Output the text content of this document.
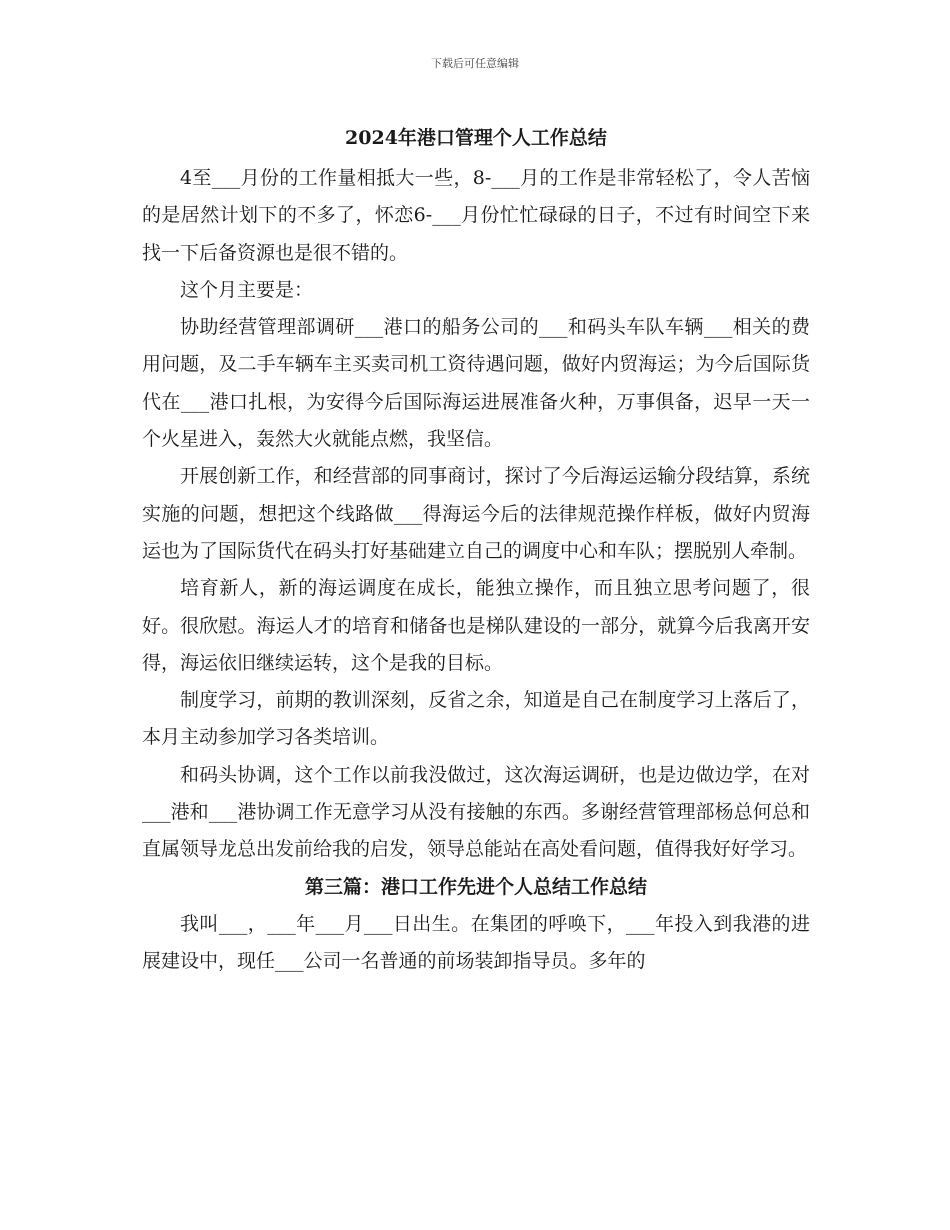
下载后可任意编辑
2024年港口管理个人工作总结

4至___月份的工作量相抵大一些，8-___月的工作是非常轻松了，令人苦恼的是居然计划下的不多了，怀恋6-___月份忙忙碌碌的日子，不过有时间空下来找一下后备资源也是很不错的。

这个月主要是：

协助经营管理部调研___港口的船务公司的___和码头车队车辆___相关的费用问题，及二手车辆车主买卖司机工资待遇问题，做好内贸海运；为今后国际货代在___港口扎根，为安得今后国际海运进展准备火种，万事俱备，迟早一天一个火星进入，轰然大火就能点燃，我坚信。

开展创新工作，和经营部的同事商讨，探讨了今后海运运输分段结算，系统实施的问题，想把这个线路做___得海运今后的法律规范操作样板，做好内贸海运也为了国际货代在码头打好基础建立自己的调度中心和车队；摆脱别人牵制。

培育新人，新的海运调度在成长，能独立操作，而且独立思考问题了，很好。很欣慰。海运人才的培育和储备也是梯队建设的一部分，就算今后我离开安得，海运依旧继续运转，这个是我的目标。

制度学习，前期的教训深刻，反省之余，知道是自己在制度学习上落后了，本月主动参加学习各类培训。

和码头协调，这个工作以前我没做过，这次海运调研，也是边做边学，在对___港和___港协调工作无意学习从没有接触的东西。多谢经营管理部杨总何总和直属领导龙总出发前给我的启发，领导总能站在高处看问题，值得我好好学习。

第三篇：港口工作先进个人总结工作总结

我叫___，___年___月___日出生。在集团的呼唤下，___年投入到我港的进展建设中，现任___公司一名普通的前场装卸指导员。多年的
